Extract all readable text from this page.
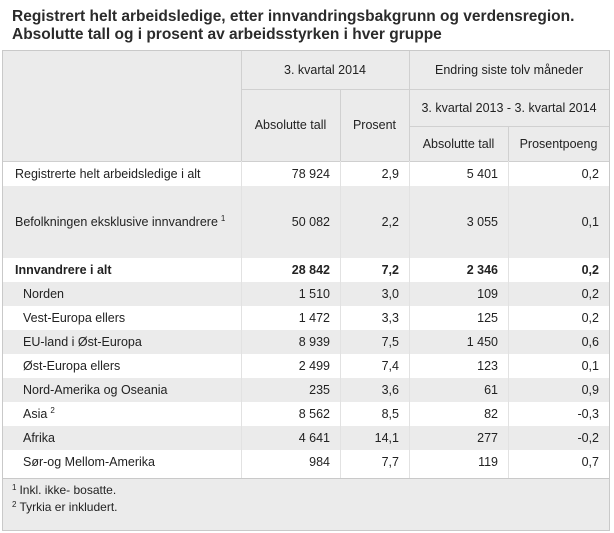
Registrert helt arbeidsledige, etter innvandringsbakgrunn og verdensregion.
Absolutte tall og i prosent av arbeidsstyrken i hver gruppe
3. kvartal 2014	Endring siste tolv måneder
3. kvartal 2013 - 3. kvartal 2014
Absolutte tall	Prosent
Absolutte tall	Prosentpoeng
Registrerte helt arbeidsledige i alt	78 924	2,9	5 401	0,2
Befolkningen eksklusive innvandrere 1	50 082	2,2	3 055	0,1
Innvandrere i alt	28 842	7,2	2 346	0,2
Norden	1 510	3,0	109	0,2
Vest-Europa ellers	1 472	3,3	125	0,2
EU-land i Øst-Europa	8 939	7,5	1 450	0,6
Øst-Europa ellers	2 499	7,4	123	0,1
Nord-Amerika og Oseania	235	3,6	61	0,9
Asia 2	8 562	8,5	82	-0,3
Afrika	4 641	14,1	277	-0,2
Sør-og Mellom-Amerika	984	7,7	119	0,7
$^1$ Inkl. ikke- bosatte.
$^2$ Tyrkia er inkludert.
